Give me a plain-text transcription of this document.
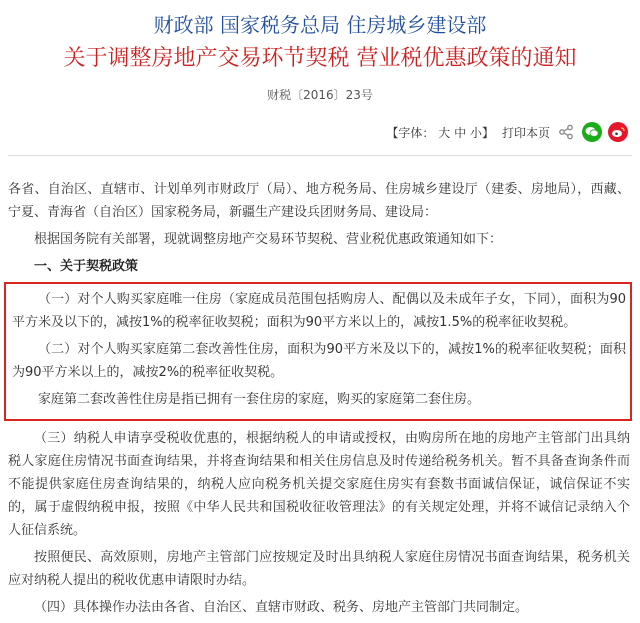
财政部 国家税务总局 住房城乡建设部
关于调整房地产交易环节契税 营业税优惠政策的通知
财税〔2016〕23号
【字体： 大 中 小】 打印本页

各省、自治区、直辖市、计划单列市财政厅（局）、地方税务局、住房城乡建设厅（建委、房地局），西藏、宁夏、青海省（自治区）国家税务局，新疆生产建设兵团财务局、建设局：

根据国务院有关部署，现就调整房地产交易环节契税、营业税优惠政策通知如下：

一、关于契税政策

（一）对个人购买家庭唯一住房（家庭成员范围包括购房人、配偶以及未成年子女，下同），面积为90平方米及以下的，减按1%的税率征收契税；面积为90平方米以上的，减按1.5%的税率征收契税。

（二）对个人购买家庭第二套改善性住房，面积为90平方米及以下的，减按1%的税率征收契税；面积为90平方米以上的，减按2%的税率征收契税。

家庭第二套改善性住房是指已拥有一套住房的家庭，购买的家庭第二套住房。

（三）纳税人申请享受税收优惠的，根据纳税人的申请或授权，由购房所在地的房地产主管部门出具纳税人家庭住房情况书面查询结果，并将查询结果和相关住房信息及时传递给税务机关。暂不具备查询条件而不能提供家庭住房查询结果的，纳税人应向税务机关提交家庭住房实有套数书面诚信保证，诚信保证不实的，属于虚假纳税申报，按照《中华人民共和国税收征收管理法》的有关规定处理，并将不诚信记录纳入个人征信系统。

按照便民、高效原则，房地产主管部门应按规定及时出具纳税人家庭住房情况书面查询结果，税务机关应对纳税人提出的税收优惠申请限时办结。

（四）具体操作办法由各省、自治区、直辖市财政、税务、房地产主管部门共同制定。
